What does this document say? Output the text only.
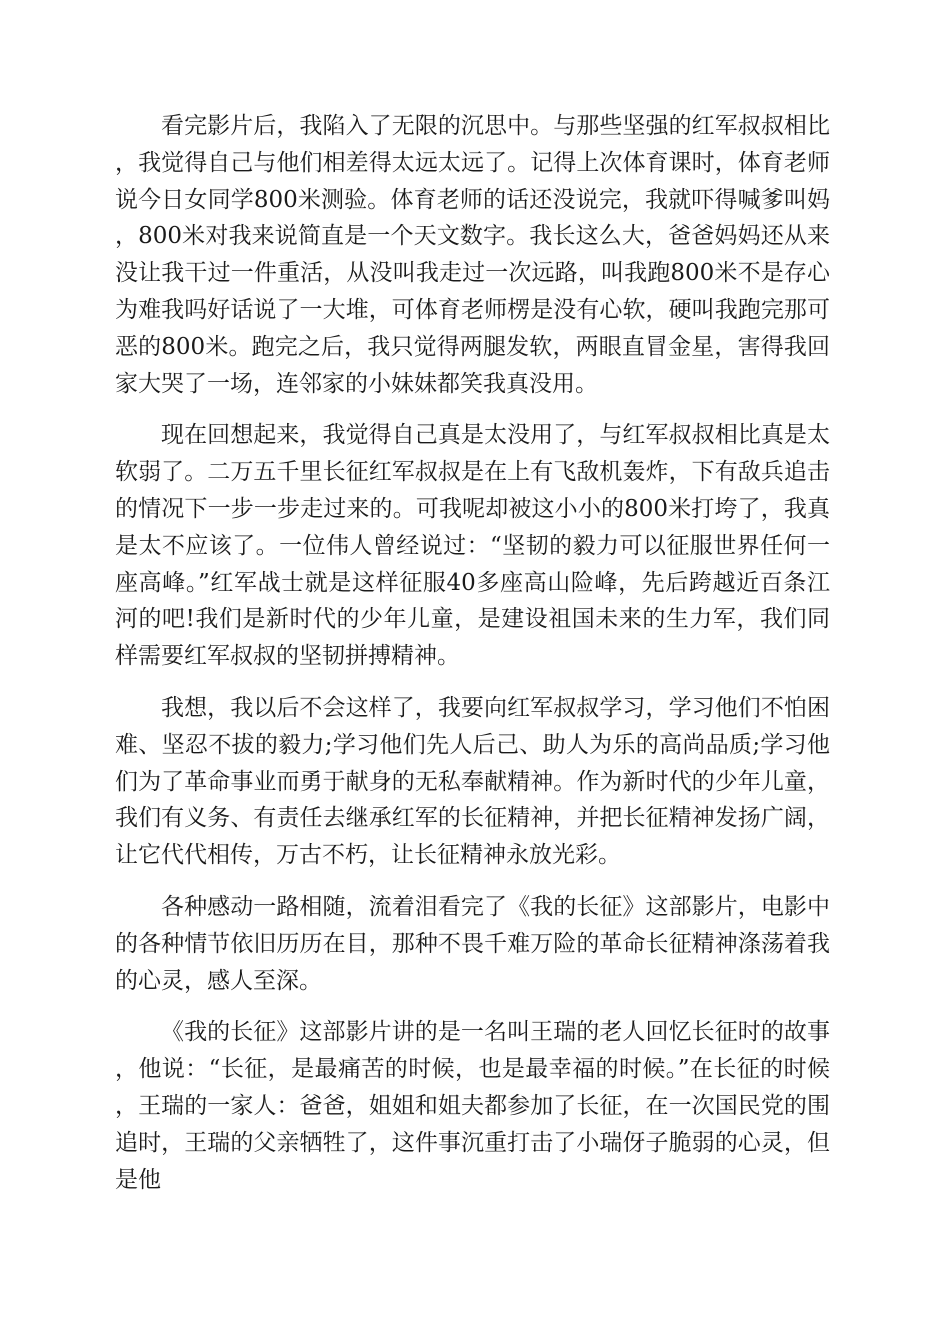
看完影片后，我陷入了无限的沉思中。与那些坚强的红军叔叔相比，我觉得自己与他们相差得太远太远了。记得上次体育课时，体育老师说今日女同学800米测验。体育老师的话还没说完，我就吓得喊爹叫妈，800米对我来说简直是一个天文数字。我长这么大，爸爸妈妈还从来没让我干过一件重活，从没叫我走过一次远路，叫我跑800米不是存心为难我吗好话说了一大堆，可体育老师楞是没有心软，硬叫我跑完那可恶的800米。跑完之后，我只觉得两腿发软，两眼直冒金星，害得我回家大哭了一场，连邻家的小妹妹都笑我真没用。

现在回想起来，我觉得自己真是太没用了，与红军叔叔相比真是太软弱了。二万五千里长征红军叔叔是在上有飞敌机轰炸，下有敌兵追击的情况下一步一步走过来的。可我呢却被这小小的800米打垮了，我真是太不应该了。一位伟人曾经说过：“坚韧的毅力可以征服世界任何一座高峰。”红军战士就是这样征服40多座高山险峰，先后跨越近百条江河的吧!我们是新时代的少年儿童，是建设祖国未来的生力军，我们同样需要红军叔叔的坚韧拼搏精神。

我想，我以后不会这样了，我要向红军叔叔学习，学习他们不怕困难、坚忍不拔的毅力;学习他们先人后己、助人为乐的高尚品质;学习他们为了革命事业而勇于献身的无私奉献精神。作为新时代的少年儿童，我们有义务、有责任去继承红军的长征精神，并把长征精神发扬广阔，让它代代相传，万古不朽，让长征精神永放光彩。

各种感动一路相随，流着泪看完了《我的长征》这部影片，电影中的各种情节依旧历历在目，那种不畏千难万险的革命长征精神涤荡着我的心灵，感人至深。

《我的长征》这部影片讲的是一名叫王瑞的老人回忆长征时的故事，他说：“长征，是最痛苦的时候，也是最幸福的时候。”在长征的时候，王瑞的一家人：爸爸，姐姐和姐夫都参加了长征，在一次国民党的围追时，王瑞的父亲牺牲了，这件事沉重打击了小瑞伢子脆弱的心灵，但是他
